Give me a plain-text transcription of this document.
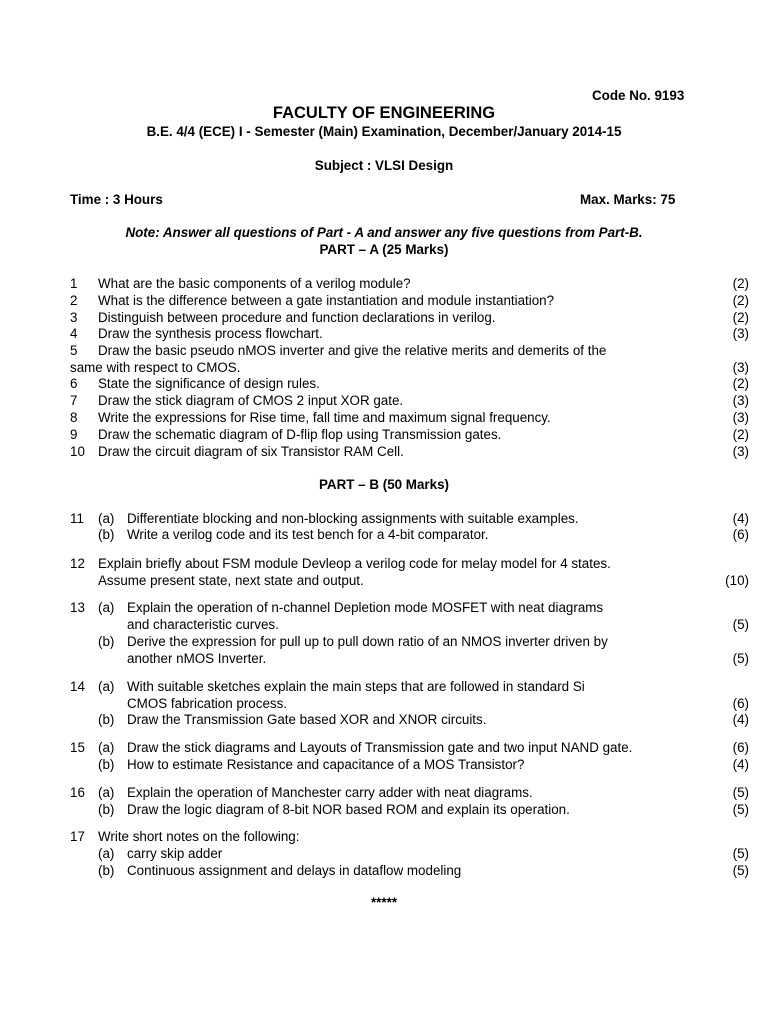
Code No. 9193
FACULTY OF ENGINEERING
B.E. 4/4 (ECE) I - Semester (Main) Examination, December/January 2014-15
Subject : VLSI Design
Time : 3 Hours	Max. Marks: 75
Note: Answer all questions of Part - A and answer any five questions from Part-B.
PART – A (25 Marks)
1 What are the basic components of a verilog module?	(2)
2 What is the difference between a gate instantiation and module instantiation?	(2)
3 Distinguish between procedure and function declarations in verilog.	(2)
4 Draw the synthesis process flowchart.	(3)
5 Draw the basic pseudo nMOS inverter and give the relative merits and demerits of the
same with respect to CMOS.	(3)
6 State the significance of design rules.	(2)
7 Draw the stick diagram of CMOS 2 input XOR gate.	(3)
8 Write the expressions for Rise time, fall time and maximum signal frequency.	(3)
9 Draw the schematic diagram of D-flip flop using Transmission gates.	(2)
10 Draw the circuit diagram of six Transistor RAM Cell.	(3)
PART – B (50 Marks)
11 (a) Differentiate blocking and non-blocking assignments with suitable examples.	(4)
(b) Write a verilog code and its test bench for a 4-bit comparator.	(6)
12 Explain briefly about FSM module Devleop a verilog code for melay model for 4 states.
Assume present state, next state and output.	(10)
13 (a) Explain the operation of n-channel Depletion mode MOSFET with neat diagrams
and characteristic curves.	(5)
(b) Derive the expression for pull up to pull down ratio of an NMOS inverter driven by
another nMOS Inverter.	(5)
14 (a) With suitable sketches explain the main steps that are followed in standard Si
CMOS fabrication process.	(6)
(b) Draw the Transmission Gate based XOR and XNOR circuits.	(4)
15 (a) Draw the stick diagrams and Layouts of Transmission gate and two input NAND gate.	(6)
(b) How to estimate Resistance and capacitance of a MOS Transistor?	(4)
16 (a) Explain the operation of Manchester carry adder with neat diagrams.	(5)
(b) Draw the logic diagram of 8-bit NOR based ROM and explain its operation.	(5)
17 Write short notes on the following:
(a) carry skip adder	(5)
(b) Continuous assignment and delays in dataflow modeling	(5)
*****
